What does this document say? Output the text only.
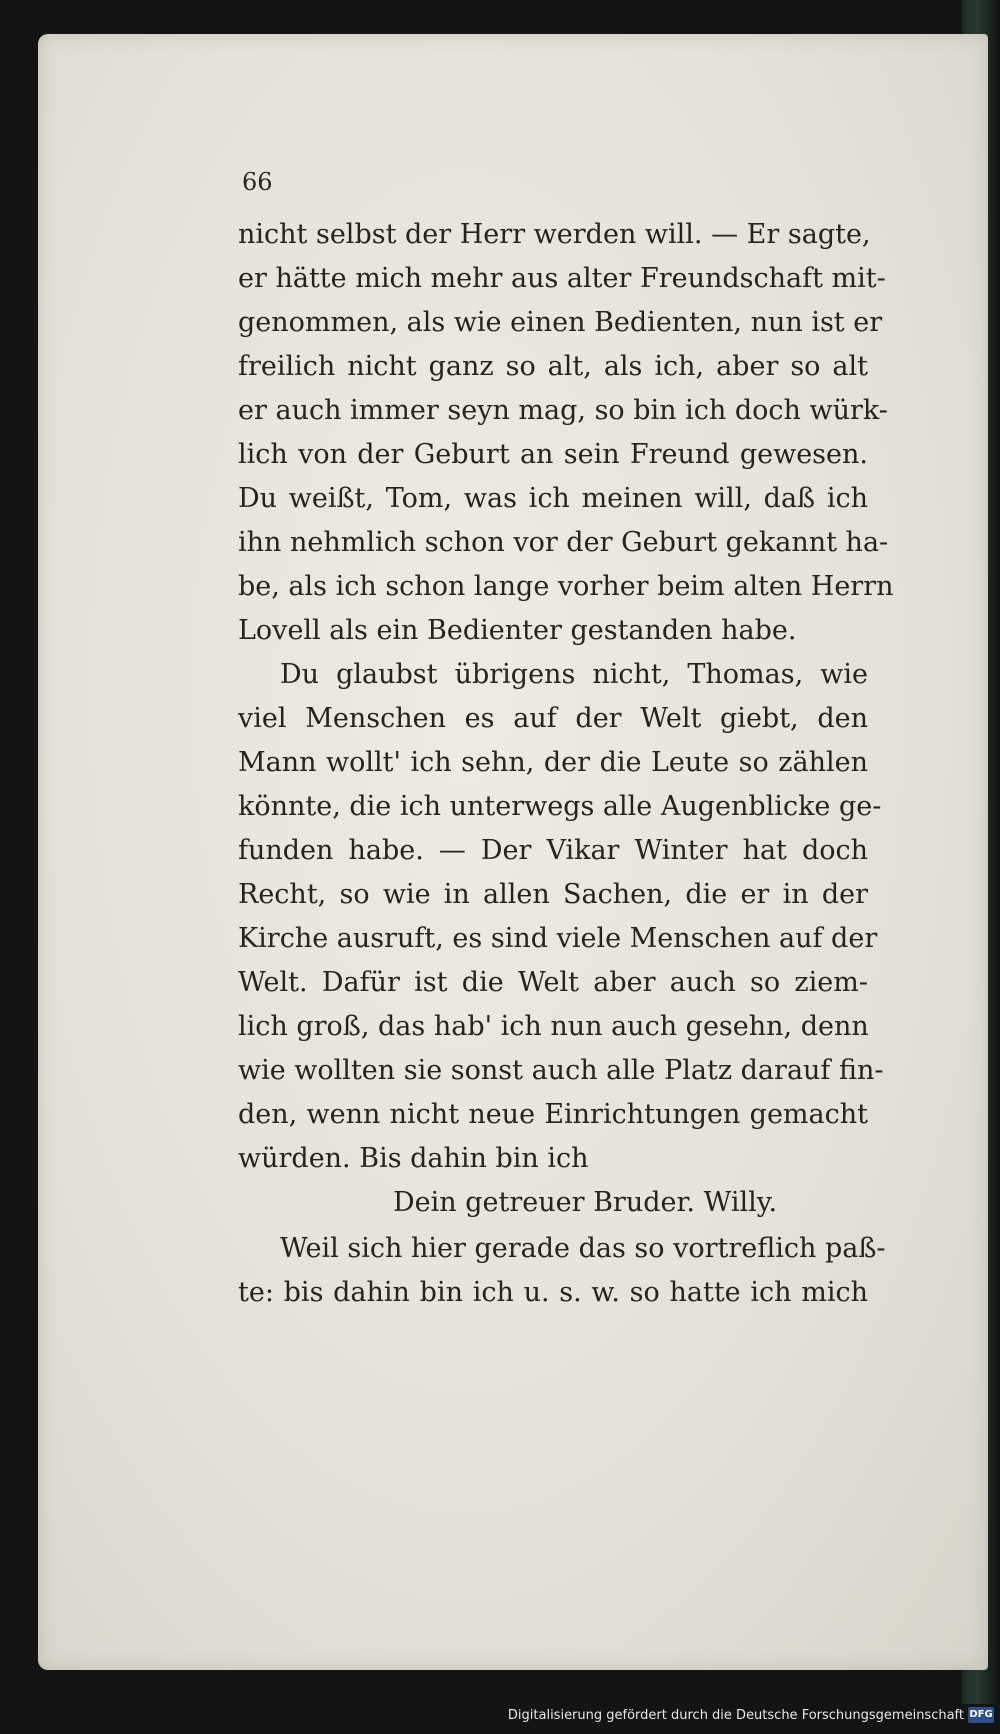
66
nicht selbst der Herr werden will. — Er sagte,
er hätte mich mehr aus alter Freundschaft mit-
genommen, als wie einen Bedienten, nun ist er
freilich nicht ganz so alt, als ich, aber so alt
er auch immer seyn mag, so bin ich doch würk-
lich von der Geburt an sein Freund gewesen.
Du weißt, Tom, was ich meinen will, daß ich
ihn nehmlich schon vor der Geburt gekannt ha-
be, als ich schon lange vorher beim alten Herrn
Lovell als ein Bedienter gestanden habe.
Du glaubst übrigens nicht, Thomas, wie
viel Menschen es auf der Welt giebt, den
Mann wollt' ich sehn, der die Leute so zählen
könnte, die ich unterwegs alle Augenblicke ge-
funden habe. — Der Vikar Winter hat doch
Recht, so wie in allen Sachen, die er in der
Kirche ausruft, es sind viele Menschen auf der
Welt. Dafür ist die Welt aber auch so ziem-
lich groß, das hab' ich nun auch gesehn, denn
wie wollten sie sonst auch alle Platz darauf fin-
den, wenn nicht neue Einrichtungen gemacht
würden. Bis dahin bin ich
Dein getreuer Bruder. Willy.
Weil sich hier gerade das so vortreflich paß-
te: bis dahin bin ich u. s. w. so hatte ich mich
Digitalisierung gefördert durch die Deutsche Forschungsgemeinschaft DFG
